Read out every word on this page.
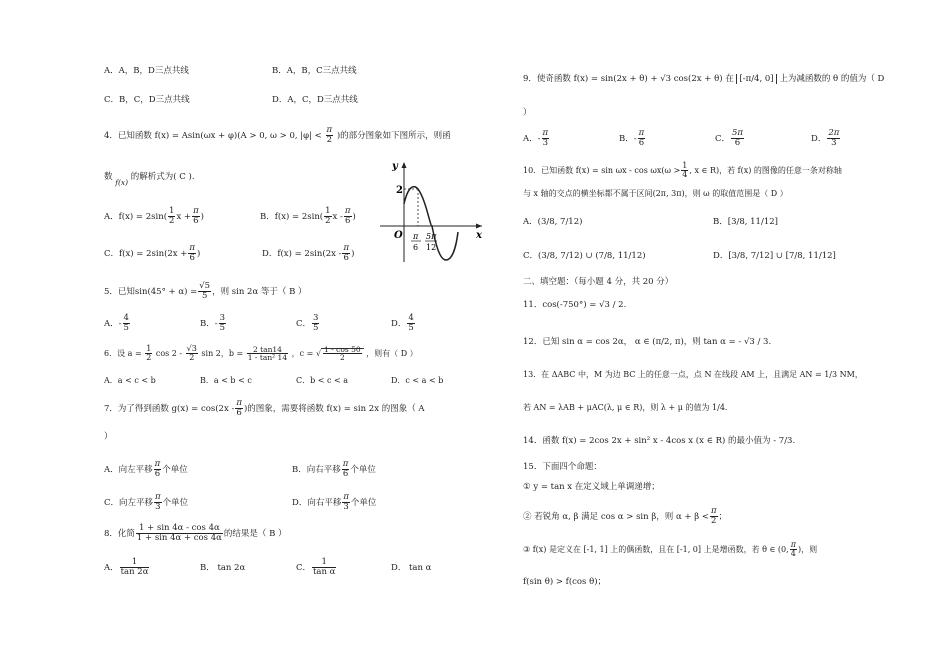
A．A，B，D三点共线	B．A，B，C三点共线
C．B，C，D三点共线	D．A，C，D三点共线
4．已知函数 f(x) = Asin(ωx + φ)(A > 0, ω > 0, $|\varphi| < \frac{\pi}{2}$ )的部分图象如下图所示，则函
数 f(x) 的解析式为( C ).
A．$f(x) = 2\sin( \frac{1}{2}$ $x + \frac{\pi}{6}$ )	B．$f(x) = 2\sin( \frac{1}{2}$ x - $\frac{\pi}{6}$ )
C．$f(x) = 2\sin(2x + \frac{\pi}{6}$ )	D．$f(x) = 2\sin(2x - \frac{\pi}{6}$ )
y
x
2
O π
6
5π
12
5．已知$\sin(45^\circ + \alpha) = \frac{√5}{5}$ ，则 sin 2α 等于（ B ）
A．- $\frac{4}{5}$	B．- $\frac{3}{5}$	C． $\frac{3}{5}$	D． $\frac{4}{5}$
6．设 $a = \frac{1}{2}$ $\cos 2 - \frac{√3}{2}$ sin 2，$b = \frac{2 \tan 14}{\text{1 - tan² 14}}$ ，c = √ $\frac{1 - \cos 50}{2}$ ，则有（ D ）
A．a < c < b	B．a < b < c	C．b < c < a	D．c < a < b
7．为了得到函数 $g(x) = \cos(2x - \frac{\pi}{6}$ )的图象，需要将函数 f(x) = sin 2x 的图象（ A
）
A．向左平移 $\frac{\pi}{6}$ 个单位	B．向右平移 $\frac{\pi}{6}$ 个单位
C．向左平移 $\frac{\pi}{3}$ 个单位	D．向右平移 $\frac{\pi}{3}$ 个单位
8．化简 $\frac{1 + \sin 4\alpha - \cos 4\alpha}{1 + \sin 4\alpha + \cos 4\alpha}$ 的结果是（ B ）
A． $\frac{1}{\tan 2\alpha}$	B． tan 2α	C． $\frac{1}{\text{tan α}}$	D． tan α
9．使奇函数 f(x) = sin(2x + θ) + √3 cos(2x + θ) 在 [-π/4, 0] 上为减函数的 θ 的值为（ D
）
A．- $\frac{\pi}{3}$	B．- $\frac{\pi}{6}$	C． $\frac{5\pi}{6}$	D． $\frac{2\pi}{3}$
10．已知函数 $f(x) = \sin \omega x - \cos \omega x(\omega > \frac{1}{4}$ , x ∈ R)，若 f(x) 的图像的任意一条对称轴
与 x 轴的交点的横坐标都不属于区间(2π, 3π)，则 ω 的取值范围是（ D ）
A．(3/8, 7/12)	B．[3/8, 11/12]
C．(3/8, 7/12) ∪ (7/8, 11/12)	D．[3/8, 7/12] ∪ [7/8, 11/12]
二、填空题：（每小题 4 分，共 20 分）
11．cos(-750°) = √3 / 2.
12．已知 sin α = cos 2α， α ∈ (π/2, π)，则 tan α = - √3 / 3.
13．在 ΔABC 中，M 为边 BC 上的任意一点，点 N 在线段 AM 上，且满足 AN = 1/3 NM，
若 AN = λAB + μAC(λ, μ ∈ R)，则 λ + μ 的值为 1/4.
14．函数 f(x) = 2cos 2x + sin² x - 4cos x (x ∈ R) 的最小值为 - 7/3.
15．下面四个命题：
① y = tan x 在定义域上单调递增；
② 若锐角 α, β 满足 cos α > sin β，则 $\alpha + \beta < \frac{\pi}{2}$ ；
③ f(x) 是定义在 [-1, 1] 上的偶函数，且在 [-1, 0] 上是增函数，若 θ ∈ (0, $\frac{\pi}{4}$ )，则
f(sin θ) > f(cos θ)；
